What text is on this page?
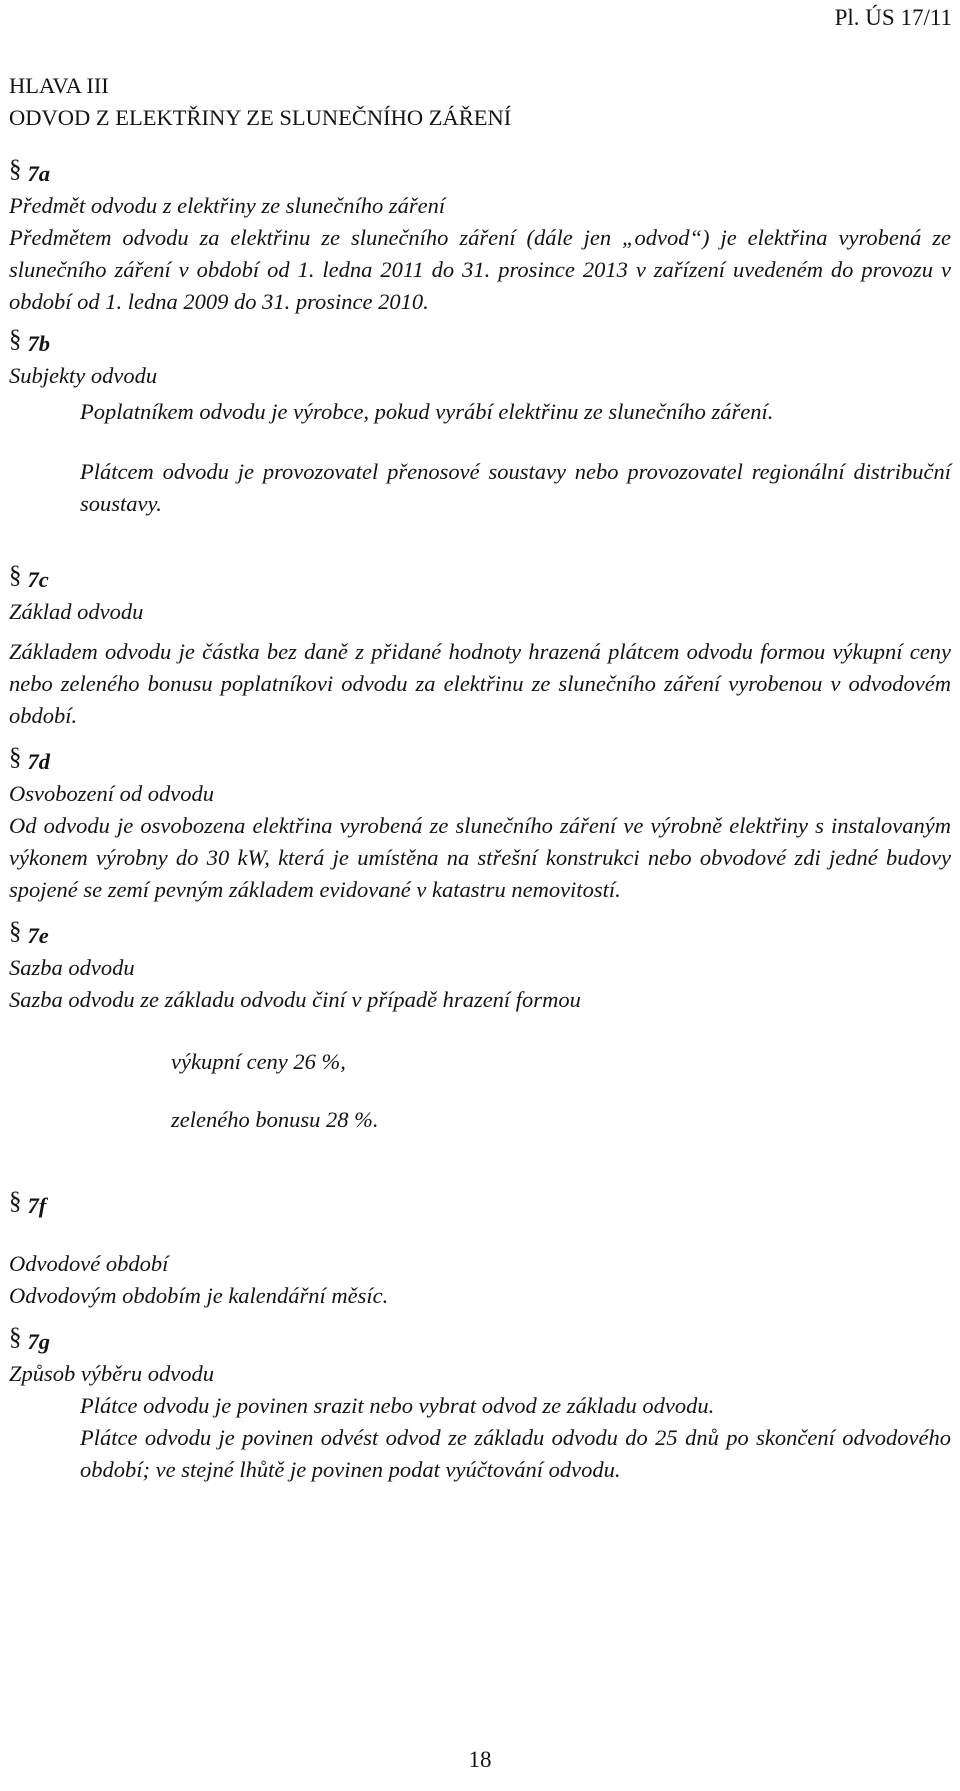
Pl. ÚS 17/11
HLAVA III
ODVOD Z ELEKTŘINY ZE SLUNEČNÍHO ZÁŘENÍ
§ 7a
Předmět odvodu z elektřiny ze slunečního záření
Předmětem odvodu za elektřinu ze slunečního záření (dále jen „odvod“) je elektřina vyrobená ze slunečního záření v období od 1. ledna 2011 do 31. prosince 2013 v zařízení uvedeném do provozu v období od 1. ledna 2009 do 31. prosince 2010.
§ 7b
Subjekty odvodu
Poplatníkem odvodu je výrobce, pokud vyrábí elektřinu ze slunečního záření.
Plátcem odvodu je provozovatel přenosové soustavy nebo provozovatel regionální distribuční soustavy.
§ 7c
Základ odvodu
Základem odvodu je částka bez daně z přidané hodnoty hrazená plátcem odvodu formou výkupní ceny nebo zeleného bonusu poplatníkovi odvodu za elektřinu ze slunečního záření vyrobenou v odvodovém období.
§ 7d
Osvobození od odvodu
Od odvodu je osvobozena elektřina vyrobená ze slunečního záření ve výrobně elektřiny s instalovaným výkonem výrobny do 30 kW, která je umístěna na střešní konstrukci nebo obvodové zdi jedné budovy spojené se zemí pevným základem evidované v katastru nemovitostí.
§ 7e
Sazba odvodu
Sazba odvodu ze základu odvodu činí v případě hrazení formou
výkupní ceny 26 %,
zeleného bonusu 28 %.
§ 7f
Odvodové období
Odvodovým obdobím je kalendářní měsíc.
§ 7g
Způsob výběru odvodu
Plátce odvodu je povinen srazit nebo vybrat odvod ze základu odvodu.
Plátce odvodu je povinen odvést odvod ze základu odvodu do 25 dnů po skončení odvodového období; ve stejné lhůtě je povinen podat vyúčtování odvodu.
18
